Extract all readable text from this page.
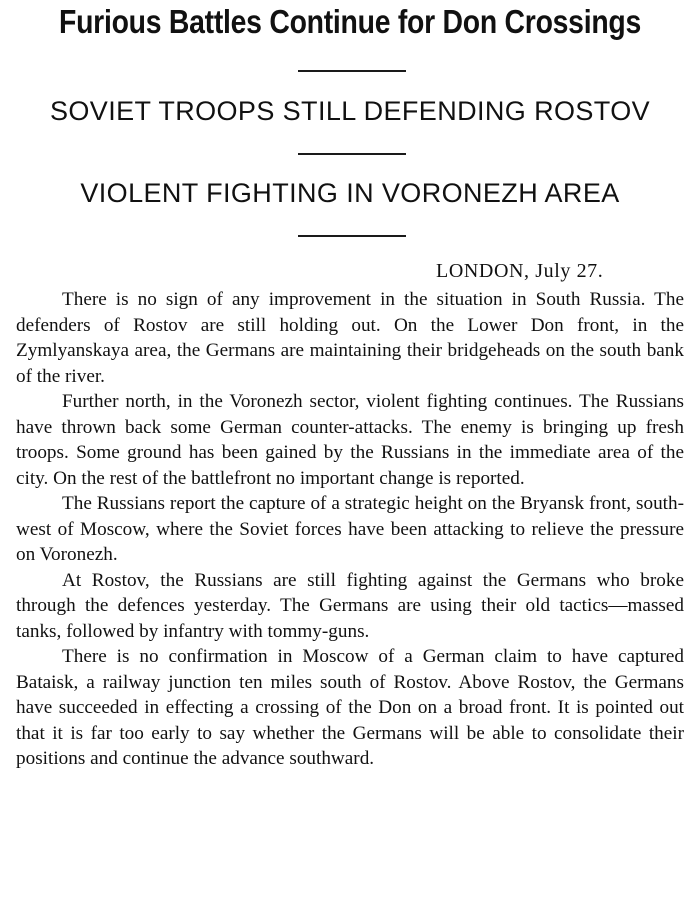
Furious Battles Continue for Don Crossings
SOVIET TROOPS STILL DEFENDING ROSTOV
VIOLENT FIGHTING IN VORONEZH AREA
LONDON, July 27.

There is no sign of any improvement in the situation in South Russia. The defenders of Rostov are still holding out. On the Lower Don front, in the Zymlyanskaya area, the Germans are maintaining their bridgeheads on the south bank of the river.

Further north, in the Voronezh sector, violent fighting continues. The Russians have thrown back some German counter-attacks. The enemy is bringing up fresh troops. Some ground has been gained by the Russians in the immediate area of the city. On the rest of the battlefront no important change is reported.

The Russians report the capture of a strategic height on the Bryansk front, south-west of Moscow, where the Soviet forces have been attacking to relieve the pressure on Voronezh.

At Rostov, the Russians are still fighting against the Germans who broke through the defences yesterday. The Germans are using their old tactics—massed tanks, followed by infantry with tommy-guns.

There is no confirmation in Moscow of a German claim to have captured Bataisk, a railway junction ten miles south of Rostov. Above Rostov, the Germans have succeeded in effecting a crossing of the Don on a broad front. It is pointed out that it is far too early to say whether the Germans will be able to consolidate their positions and continue the advance southward.
